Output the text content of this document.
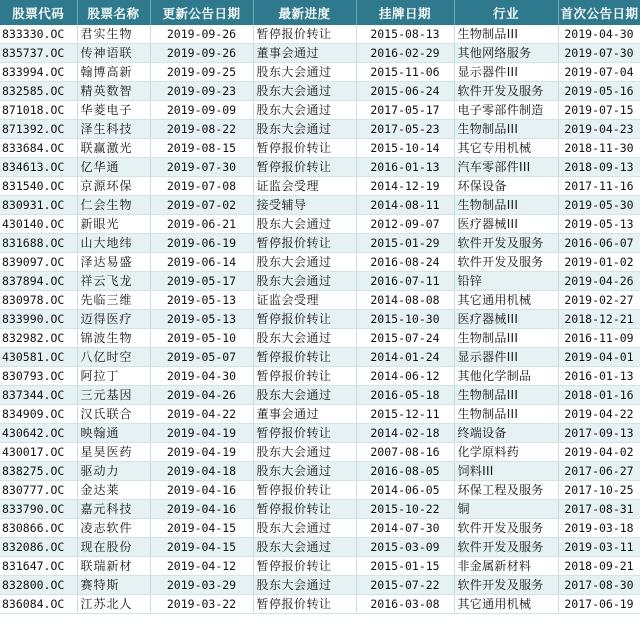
股票代码	股票名称	更新公告日期	最新进度	挂牌日期	行业	首次公告日期
833330.OC	君实生物	2019-09-26	暂停报价转让	2015-08-13	生物制品III	2019-04-30
835737.OC	传神语联	2019-09-26	董事会通过	2016-02-29	其他网络服务	2019-07-30
833994.OC	翰博高新	2019-09-25	股东大会通过	2015-11-06	显示器件III	2019-07-04
832585.OC	精英数智	2019-09-23	股东大会通过	2015-06-24	软件开发及服务	2019-05-16
871018.OC	华菱电子	2019-09-09	股东大会通过	2017-05-17	电子零部件制造	2019-07-15
871392.OC	泽生科技	2019-08-22	股东大会通过	2017-05-23	生物制品III	2019-04-23
833684.OC	联赢激光	2019-08-15	暂停报价转让	2015-10-14	其它专用机械	2018-11-30
834613.OC	亿华通	2019-07-30	暂停报价转让	2016-01-13	汽车零部件III	2018-09-13
831540.OC	京源环保	2019-07-08	证监会受理	2014-12-19	环保设备	2017-11-16
830931.OC	仁会生物	2019-07-02	接受辅导	2014-08-11	生物制品III	2019-05-30
430140.OC	新眼光	2019-06-21	股东大会通过	2012-09-07	医疗器械III	2019-05-13
831688.OC	山大地纬	2019-06-19	暂停报价转让	2015-01-29	软件开发及服务	2016-06-07
839097.OC	泽达易盛	2019-06-14	股东大会通过	2016-08-24	软件开发及服务	2019-01-02
837894.OC	祥云飞龙	2019-05-17	股东大会通过	2016-07-11	铅锌	2019-04-26
830978.OC	先临三维	2019-05-13	证监会受理	2014-08-08	其它通用机械	2019-02-27
833990.OC	迈得医疗	2019-05-13	暂停报价转让	2015-10-30	医疗器械III	2018-12-21
832982.OC	锦波生物	2019-05-10	股东大会通过	2015-07-24	生物制品III	2016-11-09
430581.OC	八亿时空	2019-05-07	暂停报价转让	2014-01-24	显示器件III	2019-04-01
830793.OC	阿拉丁	2019-04-30	暂停报价转让	2014-06-12	其他化学制品	2016-01-13
837344.OC	三元基因	2019-04-26	股东大会通过	2016-05-18	生物制品III	2018-01-16
834909.OC	汉氏联合	2019-04-22	董事会通过	2015-12-11	生物制品III	2019-04-22
430642.OC	映翰通	2019-04-19	暂停报价转让	2014-02-18	终端设备	2017-09-13
430017.OC	星昊医药	2019-04-19	股东大会通过	2007-08-16	化学原料药	2019-04-02
838275.OC	驱动力	2019-04-18	股东大会通过	2016-08-05	饲料III	2017-06-27
830777.OC	金达莱	2019-04-16	暂停报价转让	2014-06-05	环保工程及服务	2017-10-25
833790.OC	嘉元科技	2019-04-16	暂停报价转让	2015-10-22	铜	2017-08-31
830866.OC	凌志软件	2019-04-15	股东大会通过	2014-07-30	软件开发及服务	2019-03-18
832086.OC	现在股份	2019-04-15	股东大会通过	2015-03-09	软件开发及服务	2019-03-11
831647.OC	联瑞新材	2019-04-12	暂停报价转让	2015-01-15	非金属新材料	2018-09-21
832800.OC	赛特斯	2019-03-29	股东大会通过	2015-07-22	软件开发及服务	2017-08-30
836084.OC	江苏北人	2019-03-22	暂停报价转让	2016-03-08	其它通用机械	2017-06-19
